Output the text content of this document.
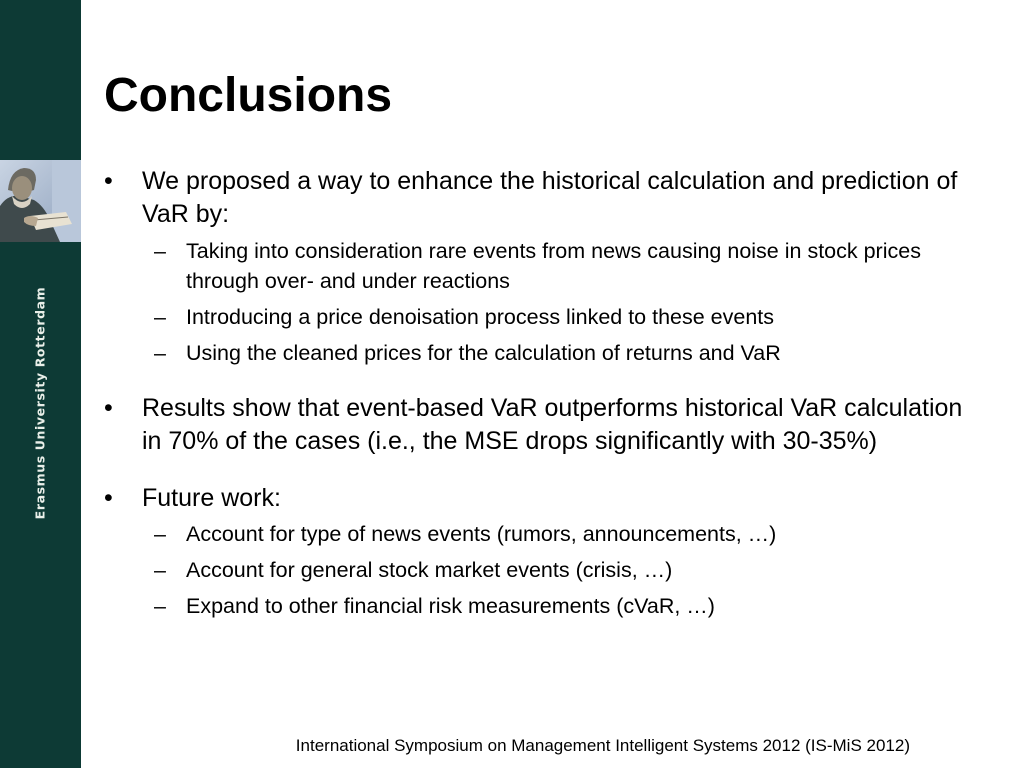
Erasmus University Rotterdam
Conclusions
• We proposed a way to enhance the historical calculation and prediction of VaR by:
– Taking into consideration rare events from news causing noise in stock prices through over- and under reactions
– Introducing a price denoisation process linked to these events
– Using the cleaned prices for the calculation of returns and VaR
• Results show that event-based VaR outperforms historical VaR calculation in 70% of the cases (i.e., the MSE drops significantly with 30-35%)
• Future work:
– Account for type of news events (rumors, announcements, …)
– Account for general stock market events (crisis, …)
– Expand to other financial risk measurements (cVaR, …)
International Symposium on Management Intelligent Systems 2012 (IS-MiS 2012)
